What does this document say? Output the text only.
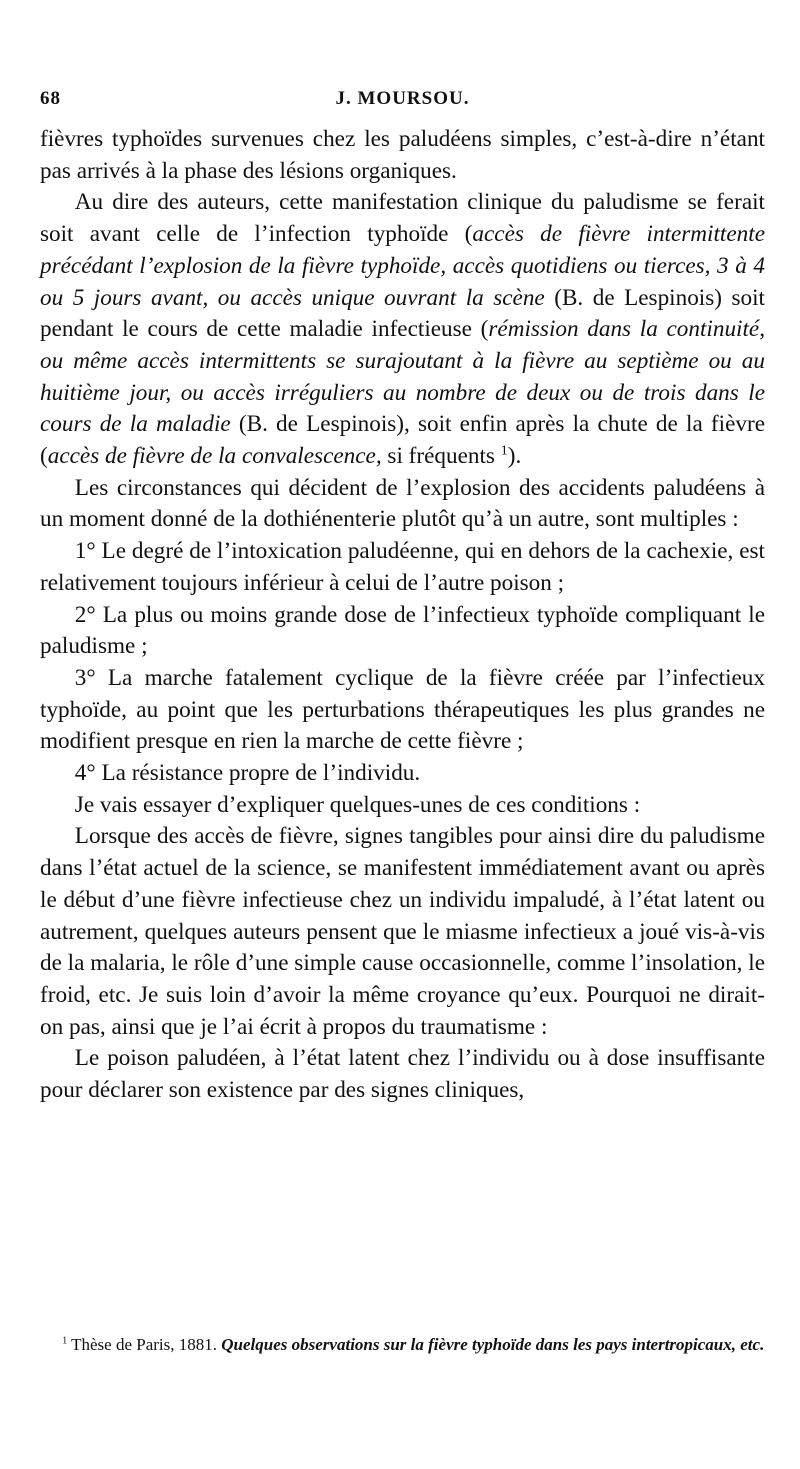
68	J. MOURSOU.

fièvres typhoïdes survenues chez les paludéens simples, c’est-à-dire n’étant pas arrivés à la phase des lésions organiques.

Au dire des auteurs, cette manifestation clinique du paludisme se ferait soit avant celle de l’infection typhoïde (accès de fièvre intermittente précédant l’explosion de la fièvre typhoïde, accès quotidiens ou tierces, 3 à 4 ou 5 jours avant, ou accès unique ouvrant la scène (B. de Lespinois) soit pendant le cours de cette maladie infectieuse (rémission dans la continuité, ou même accès intermittents se surajoutant à la fièvre au septième ou au huitième jour, ou accès irréguliers au nombre de deux ou de trois dans le cours de la maladie (B. de Lespinois), soit enfin après la chute de la fièvre (accès de fièvre de la convalescence, si fréquents $^1$).

Les circonstances qui décident de l’explosion des accidents paludéens à un moment donné de la dothiénenterie plutôt qu’à un autre, sont multiples :

1° Le degré de l’intoxication paludéenne, qui en dehors de la cachexie, est relativement toujours inférieur à celui de l’autre poison ;

2° La plus ou moins grande dose de l’infectieux typhoïde compliquant le paludisme ;

3° La marche fatalement cyclique de la fièvre créée par l’infectieux typhoïde, au point que les perturbations thérapeutiques les plus grandes ne modifient presque en rien la marche de cette fièvre ;

4° La résistance propre de l’individu.

Je vais essayer d’expliquer quelques-unes de ces conditions :

Lorsque des accès de fièvre, signes tangibles pour ainsi dire du paludisme dans l’état actuel de la science, se manifestent immédiatement avant ou après le début d’une fièvre infectieuse chez un individu impaludé, à l’état latent ou autrement, quelques auteurs pensent que le miasme infectieux a joué vis-à-vis de la malaria, le rôle d’une simple cause occasionnelle, comme l’insolation, le froid, etc. Je suis loin d’avoir la même croyance qu’eux. Pourquoi ne dirait-on pas, ainsi que je l’ai écrit à propos du traumatisme :

Le poison paludéen, à l’état latent chez l’individu ou à dose insuffisante pour déclarer son existence par des signes cliniques,

$^1$ Thèse de Paris, 1881. Quelques observations sur la fièvre typhoïde dans les pays intertropicaux, etc.
